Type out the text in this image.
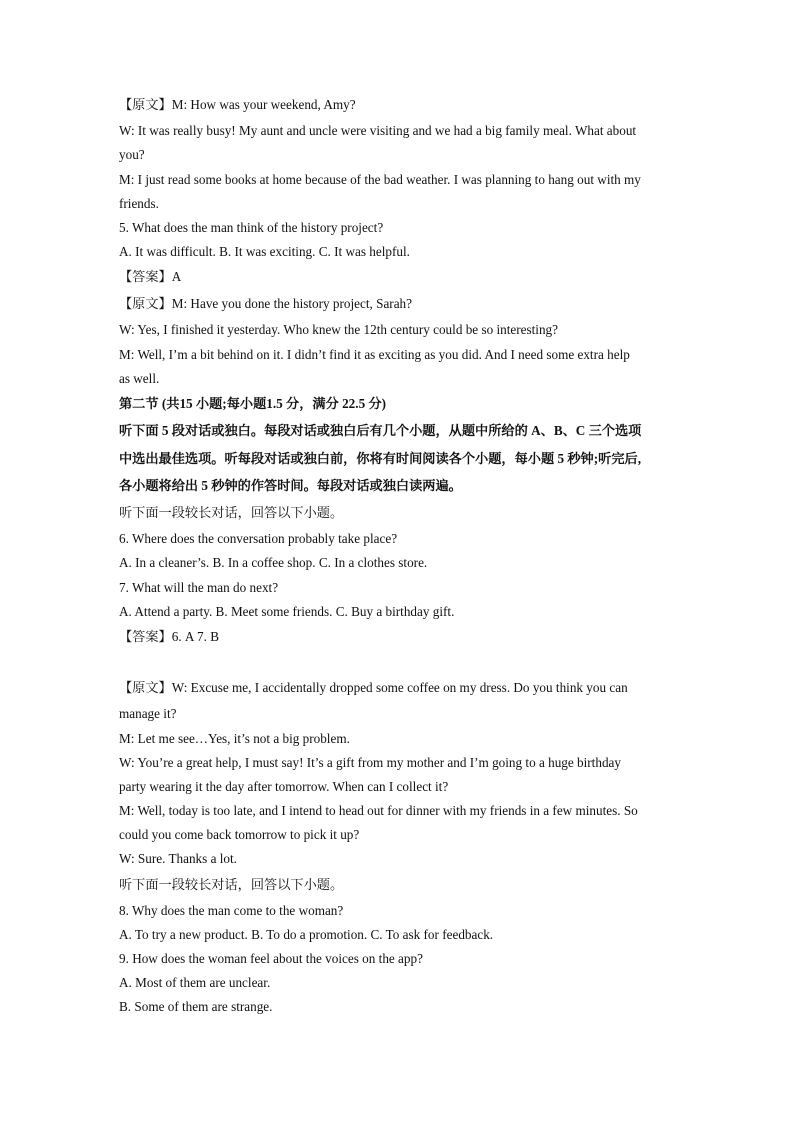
【原文】M: How was your weekend, Amy?
W: It was really busy! My aunt and uncle were visiting and we had a big family meal. What about
you?
M: I just read some books at home because of the bad weather. I was planning to hang out with my
friends.
5. What does the man think of the history project?
A. It was difficult. B. It was exciting. C. It was helpful.
【答案】A
【原文】M: Have you done the history project, Sarah?
W: Yes, I finished it yesterday. Who knew the 12th century could be so interesting?
M: Well, I’m a bit behind on it. I didn’t find it as exciting as you did. And I need some extra help
as well.
第二节 (共15 小题;每小题1.5 分，满分 22.5 分)
听下面 5 段对话或独白。每段对话或独白后有几个小题，从题中所给的 A、B、C 三个选项
中选出最佳选项。听每段对话或独白前，你将有时间阅读各个小题，每小题 5 秒钟;听完后,
各小题将给出 5 秒钟的作答时间。每段对话或独白读两遍。
听下面一段较长对话，回答以下小题。
6. Where does the conversation probably take place?
A. In a cleaner’s. B. In a coffee shop. C. In a clothes store.
7. What will the man do next?
A. Attend a party. B. Meet some friends. C. Buy a birthday gift.
【答案】6. A 7. B
【原文】W: Excuse me, I accidentally dropped some coffee on my dress. Do you think you can
manage it?
M: Let me see…Yes, it’s not a big problem.
W: You’re a great help, I must say! It’s a gift from my mother and I’m going to a huge birthday
party wearing it the day after tomorrow. When can I collect it?
M: Well, today is too late, and I intend to head out for dinner with my friends in a few minutes. So
could you come back tomorrow to pick it up?
W: Sure. Thanks a lot.
听下面一段较长对话，回答以下小题。
8. Why does the man come to the woman?
A. To try a new product. B. To do a promotion. C. To ask for feedback.
9. How does the woman feel about the voices on the app?
A. Most of them are unclear.
B. Some of them are strange.
